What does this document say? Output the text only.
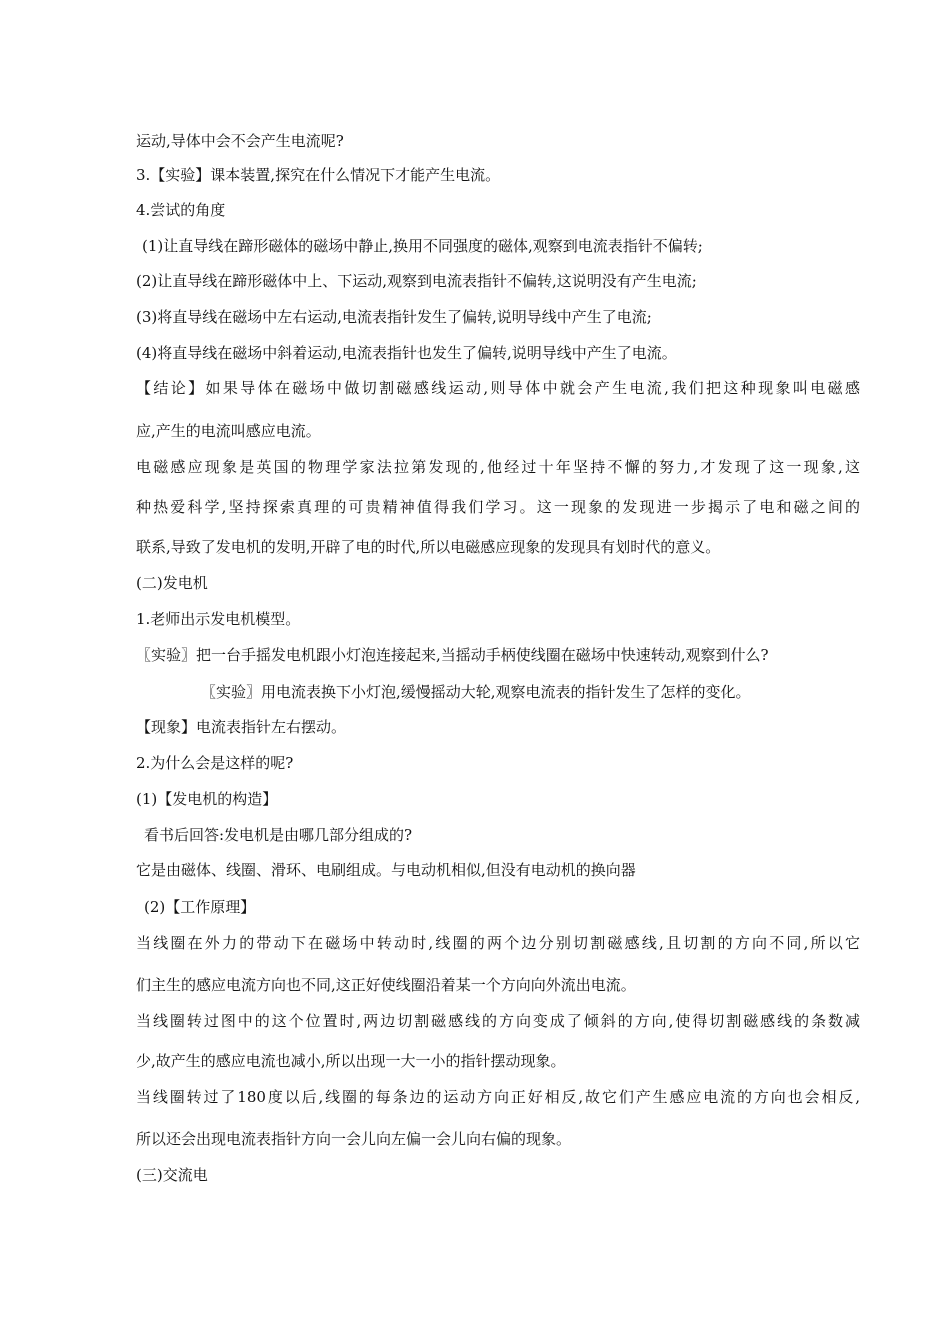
运动,导体中会不会产生电流呢?
3.【实验】课本装置,探究在什么情况下才能产生电流。
4.尝试的角度
(1)让直导线在蹄形磁体的磁场中静止,换用不同强度的磁体,观察到电流表指针不偏转;
(2)让直导线在蹄形磁体中上、下运动,观察到电流表指针不偏转,这说明没有产生电流;
(3)将直导线在磁场中左右运动,电流表指针发生了偏转,说明导线中产生了电流;
(4)将直导线在磁场中斜着运动,电流表指针也发生了偏转,说明导线中产生了电流。
【结论】如果导体在磁场中做切割磁感线运动,则导体中就会产生电流,我们把这种现象叫电磁感
应,产生的电流叫感应电流。
电磁感应现象是英国的物理学家法拉第发现的,他经过十年坚持不懈的努力,才发现了这一现象,这
种热爱科学,坚持探索真理的可贵精神值得我们学习。这一现象的发现进一步揭示了电和磁之间的
联系,导致了发电机的发明,开辟了电的时代,所以电磁感应现象的发现具有划时代的意义。
(二)发电机
1.老师出示发电机模型。
〖实验〗把一台手摇发电机跟小灯泡连接起来,当摇动手柄使线圈在磁场中快速转动,观察到什么?
〖实验〗用电流表换下小灯泡,缓慢摇动大轮,观察电流表的指针发生了怎样的变化。
【现象】电流表指针左右摆动。
2.为什么会是这样的呢?
(1)【发电机的构造】
看书后回答:发电机是由哪几部分组成的?
它是由磁体、线圈、滑环、电刷组成。与电动机相似,但没有电动机的换向器
(2)【工作原理】
当线圈在外力的带动下在磁场中转动时,线圈的两个边分别切割磁感线,且切割的方向不同,所以它
们主生的感应电流方向也不同,这正好使线圈沿着某一个方向向外流出电流。
当线圈转过图中的这个位置时,两边切割磁感线的方向变成了倾斜的方向,使得切割磁感线的条数减
少,故产生的感应电流也减小,所以出现一大一小的指针摆动现象。
当线圈转过了180度以后,线圈的每条边的运动方向正好相反,故它们产生感应电流的方向也会相反,
所以还会出现电流表指针方向一会儿向左偏一会儿向右偏的现象。
(三)交流电
